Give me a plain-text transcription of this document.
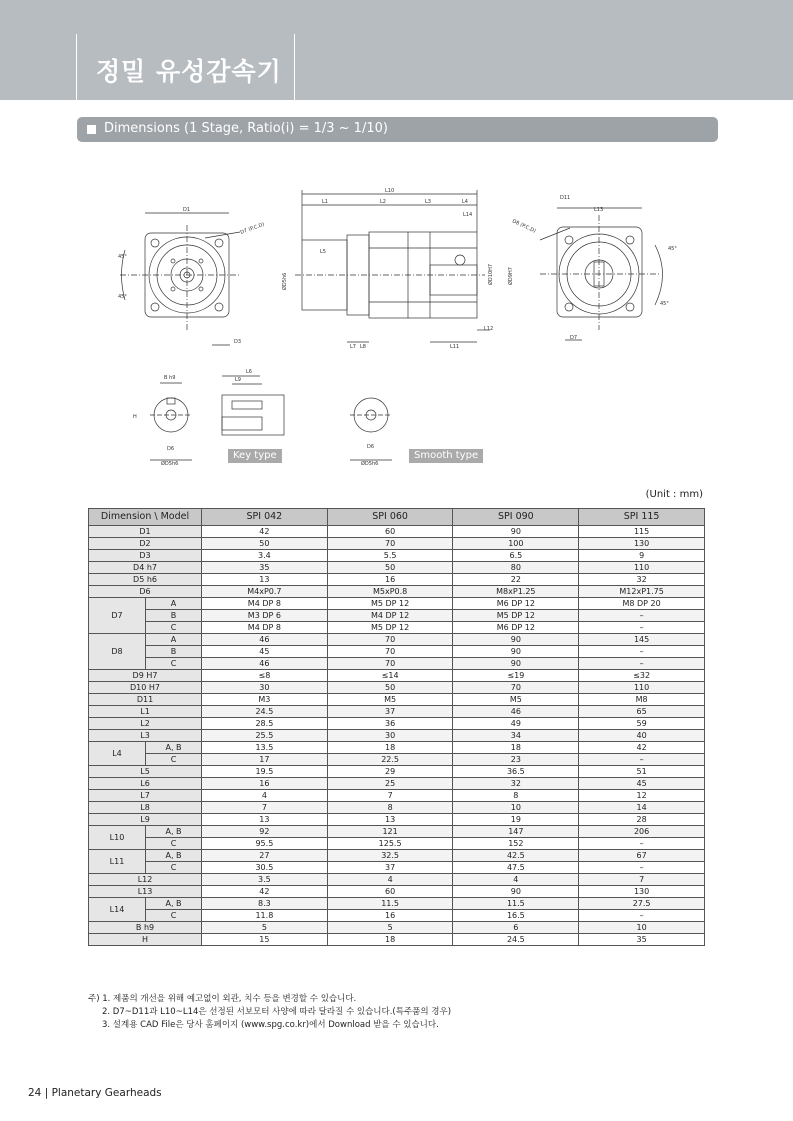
정밀 유성감속기
Dimensions (1 Stage, Ratio(i) = 1/3 ~ 1/10)
D1
D7 (P.C.D)
D3
45°
45°
L10
L1	L2	L3	L4
L14
L5
ØD5h6	ØD10H7	ØD9H7
L7 L8	L11
L12
D11
L13
D8 (P.C.D)
D7
45°
45°
B h9
H
D6
ØD5h6
L6
L9
D6
ØD5h6
Key type	Smooth type
(Unit : mm)
Dimension \ Model		SPI 042	SPI 060	SPI 090	SPI 115
D1		42	60	90	115
D2		50	70	100	130
D3		3.4	5.5	6.5	9
D4 h7		35	50	80	110
D5 h6		13	16	22	32
D6		M4xP0.7	M5xP0.8	M8xP1.25	M12xP1.75
D7	A	M4 DP 8	M5 DP 12	M6 DP 12	M8 DP 20
	B	M3 DP 6	M4 DP 12	M5 DP 12	–
	C	M4 DP 8	M5 DP 12	M6 DP 12	–
D8	A	46	70	90	145
	B	45	70	90	–
	C	46	70	90	–
D9 H7		≤8	≤14	≤19	≤32
D10 H7		30	50	70	110
D11		M3	M5	M5	M8
L1		24.5	37	46	65
L2		28.5	36	49	59
L3		25.5	30	34	40
L4	A, B	13.5	18	18	42
	C	17	22.5	23	–
L5		19.5	29	36.5	51
L6		16	25	32	45
L7		4	7	8	12
L8		7	8	10	14
L9		13	13	19	28
L10	A, B	92	121	147	206
	C	95.5	125.5	152	–
L11	A, B	27	32.5	42.5	67
	C	30.5	37	47.5	–
L12		3.5	4	4	7
L13		42	60	90	130
L14	A, B	8.3	11.5	11.5	27.5
	C	11.8	16	16.5	–
B h9		5	5	6	10
H		15	18	24.5	35
주) 1. 제품의 개선을 위해 예고없이 외관, 치수 등을 변경할 수 있습니다.
2. D7~D11과 L10~L14은 선정된 서보모터 사양에 따라 달라질 수 있습니다.(특주품의 경우)
3. 설계용 CAD File은 당사 홈페이지 (www.spg.co.kr)에서 Download 받을 수 있습니다.
24 | Planetary Gearheads
